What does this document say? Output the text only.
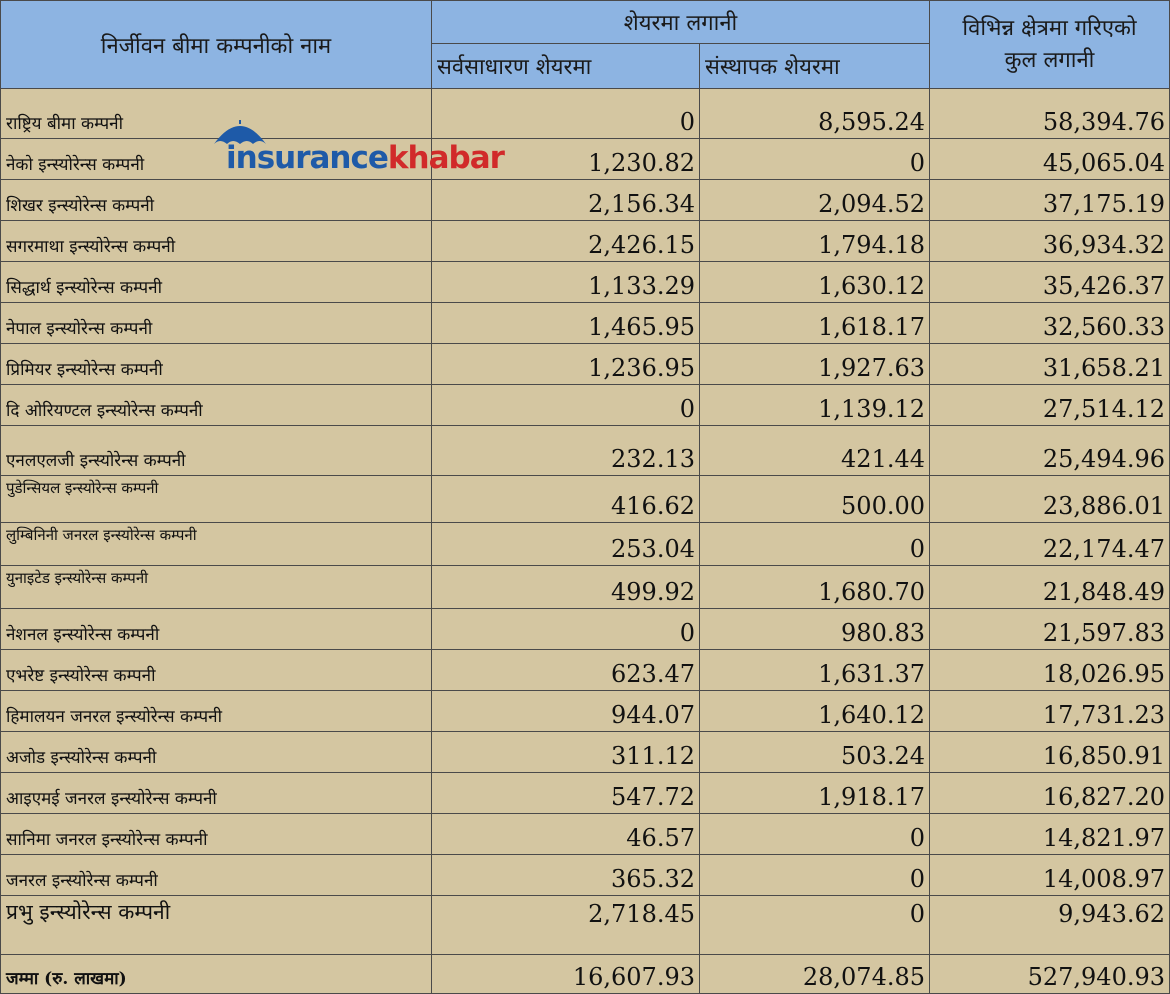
निर्जीवन बीमा कम्पनीको नाम	शेयरमा लगानी		विभिन्न क्षेत्रमा गरिएको
कुल लगानी

	सर्वसाधारण शेयरमा	संस्थापक शेयरमा	
राष्ट्रिय बीमा कम्पनी	0	8,595.24	58,394.76
नेको इन्स्योरेन्स कम्पनी	1,230.82	0	45,065.04
शिखर इन्स्योरेन्स कम्पनी	2,156.34	2,094.52	37,175.19
सगरमाथा इन्स्योरेन्स कम्पनी	2,426.15	1,794.18	36,934.32
सिद्धार्थ इन्स्योरेन्स कम्पनी	1,133.29	1,630.12	35,426.37
नेपाल इन्स्योरेन्स कम्पनी	1,465.95	1,618.17	32,560.33
प्रिमियर इन्स्योरेन्स कम्पनी	1,236.95	1,927.63	31,658.21
दि ओरियण्टल इन्स्योरेन्स कम्पनी	0	1,139.12	27,514.12
एनलएलजी इन्स्योरेन्स कम्पनी	232.13	421.44	25,494.96
पुडेन्सियल इन्स्योरेन्स कम्पनी	416.62	500.00	23,886.01
लुम्बिनिनी जनरल इन्स्योरेन्स कम्पनी	253.04	0	22,174.47
युनाइटेड इन्स्योरेन्स कम्पनी	499.92	1,680.70	21,848.49
नेशनल इन्स्योरेन्स कम्पनी	0	980.83	21,597.83
एभरेष्ट इन्स्योरेन्स कम्पनी	623.47	1,631.37	18,026.95
हिमालयन जनरल इन्स्योरेन्स कम्पनी	944.07	1,640.12	17,731.23
अजोड इन्स्योरेन्स कम्पनी	311.12	503.24	16,850.91
आइएमई जनरल इन्स्योरेन्स कम्पनी	547.72	1,918.17	16,827.20
सानिमा जनरल इन्स्योरेन्स कम्पनी	46.57	0	14,821.97
जनरल इन्स्योरेन्स कम्पनी	365.32	0	14,008.97
प्रभु इन्स्योरेन्स कम्पनी	2,718.45	0	9,943.62
जम्मा (रु. लाखमा)	16,607.93	28,074.85	527,940.93
insurancekhabar
